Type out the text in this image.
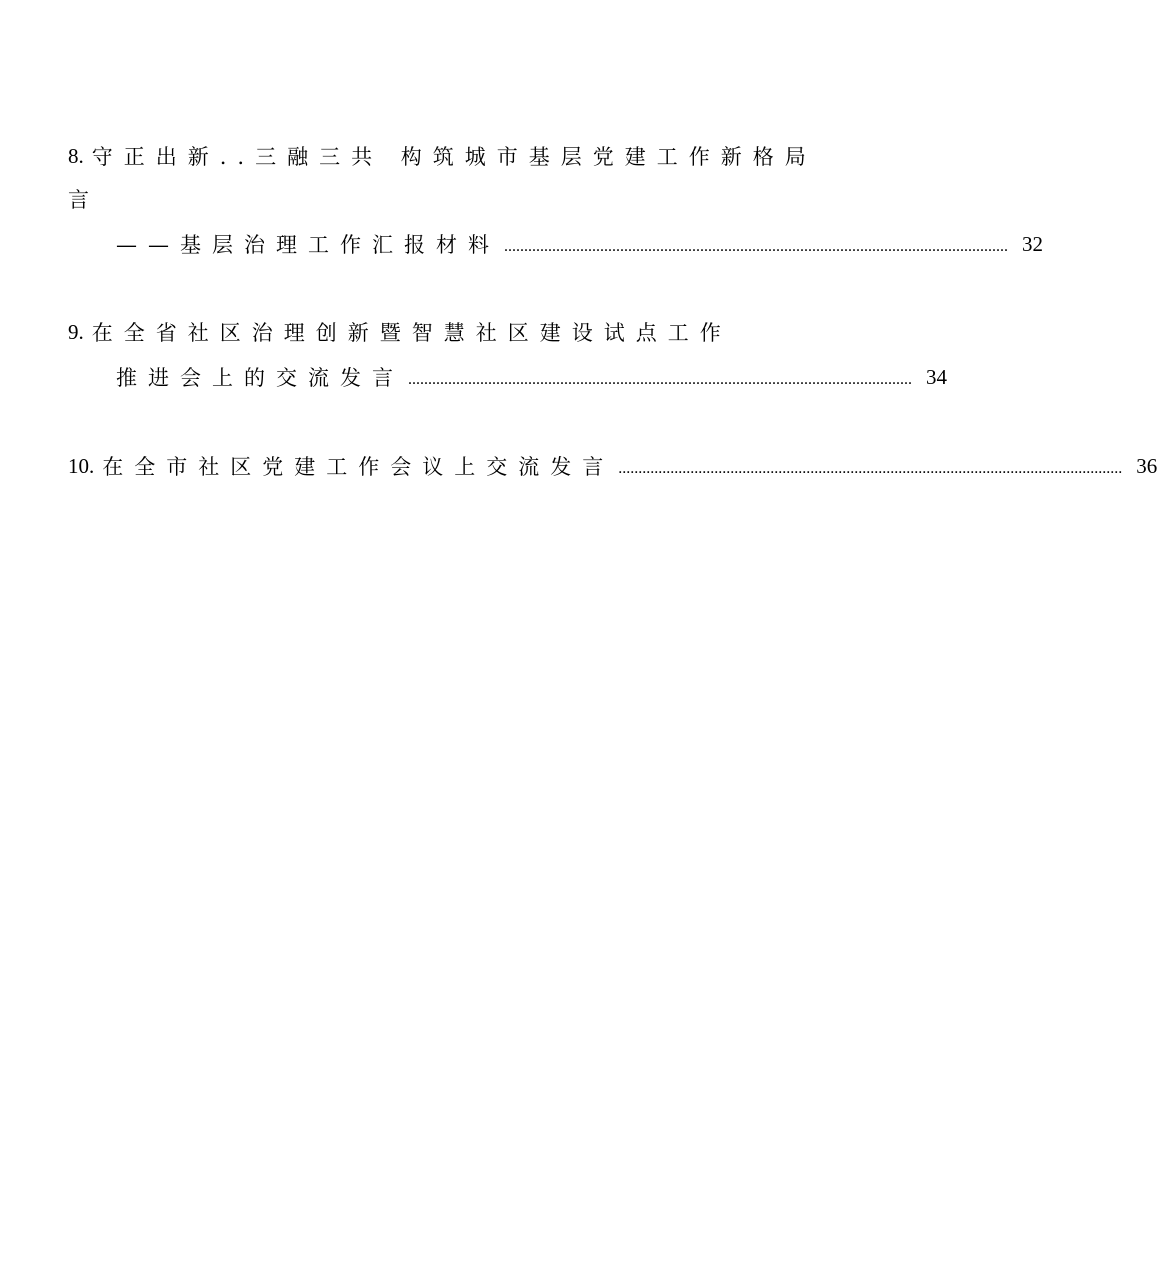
8. 守正出新..三融三共 构筑城市基层党建工作新格局
言
——基层治理工作汇报材料 .............................................................................................................................. 32
9. 在全省社区治理创新暨智慧社区建设试点工作
推进会上的交流发言 .............................................................................................................................. 34
10. 在全市社区党建工作会议上交流发言 .............................................................................................................................. 36
